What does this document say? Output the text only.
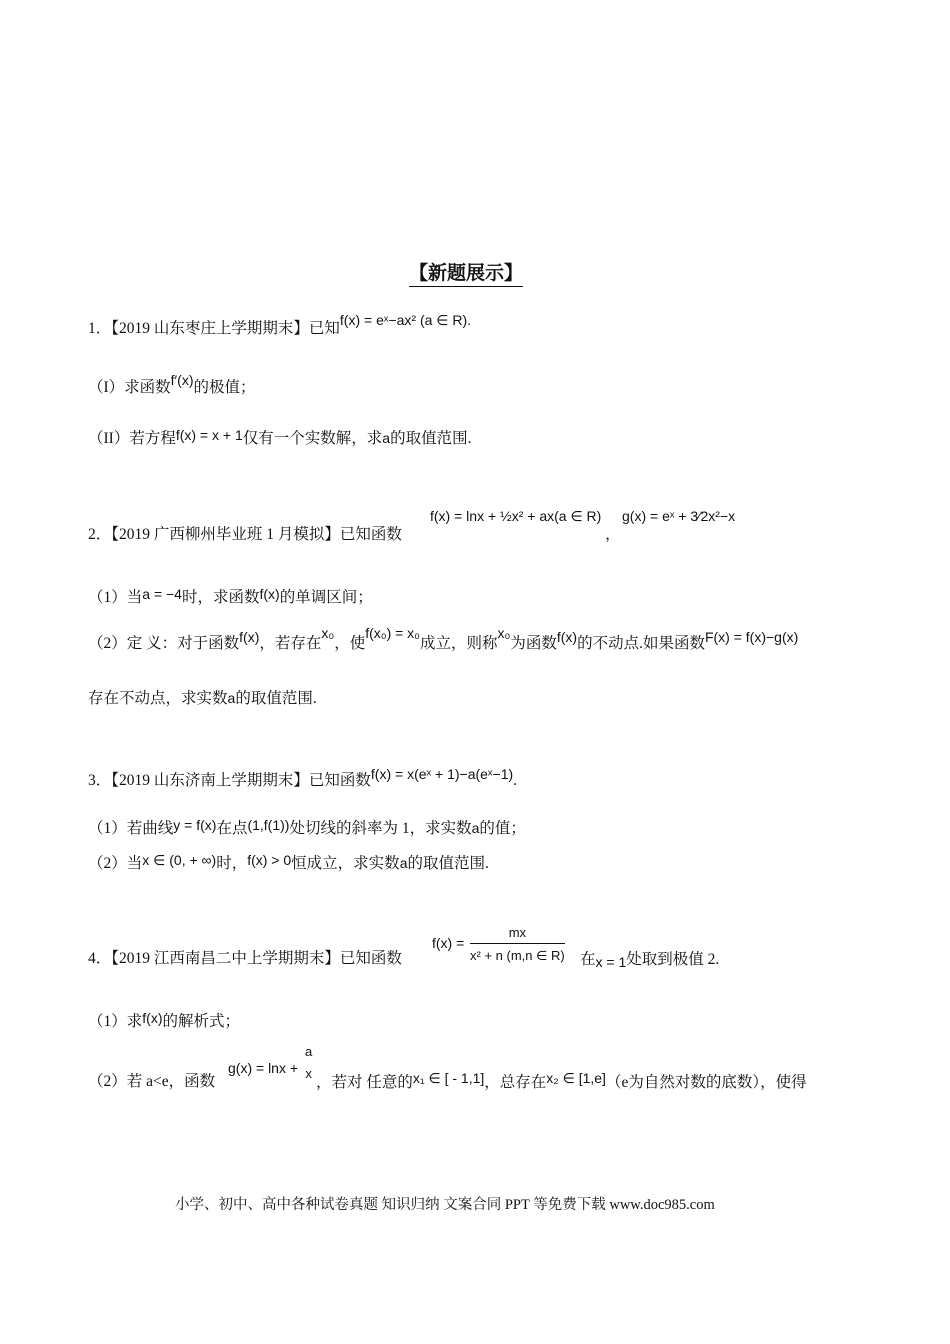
【新题展示】
1．【2019 山东枣庄上学期期末】已知f(x) = eˣ−ax² (a ∈ R).
（I）求函数f′(x)的极值；
（II）若方程f(x) = x + 1仅有一个实数解，求a的取值范围.
2．【2019 广西柳州毕业班 1 月模拟】已知函数
f(x) = lnx + ½x² + ax(a ∈ R)
，
g(x) = eˣ + 3⁄2x²−x
（1）当a = −4时，求函数f(x)的单调区间；
（2）定 义：对于函数f(x)，若存在x₀，使f(x₀) = x₀成立，则称x₀为函数f(x)的不动点.如果函数F(x) = f(x)−g(x)
存在不动点，求实数a的取值范围.
3．【2019 山东济南上学期期末】已知函数f(x) = x(eˣ + 1)−a(eˣ−1).
（1）若曲线y = f(x)在点(1,f(1))处切线的斜率为 1，求实数a的值；
（2）当x ∈ (0, + ∞)时，f(x) > 0恒成立，求实数a的取值范围.
4．【2019 江西南昌二中上学期期末】已知函数
$f(x) = \frac{mx}{\text{x² + n (m,n ∈ R)}}$ 在x = 1处取到极值 2.
（1）求f(x)的解析式；
（2）若 a<e，函数
g(x) = lnx +
a
x
，若对 任意的x₁ ∈ [ - 1,1]，总存在x₂ ∈ [1,e]（e为自然对数的底数），使得
小学、初中、高中各种试卷真题 知识归纳 文案合同 PPT 等免费下载 www.doc985.com
